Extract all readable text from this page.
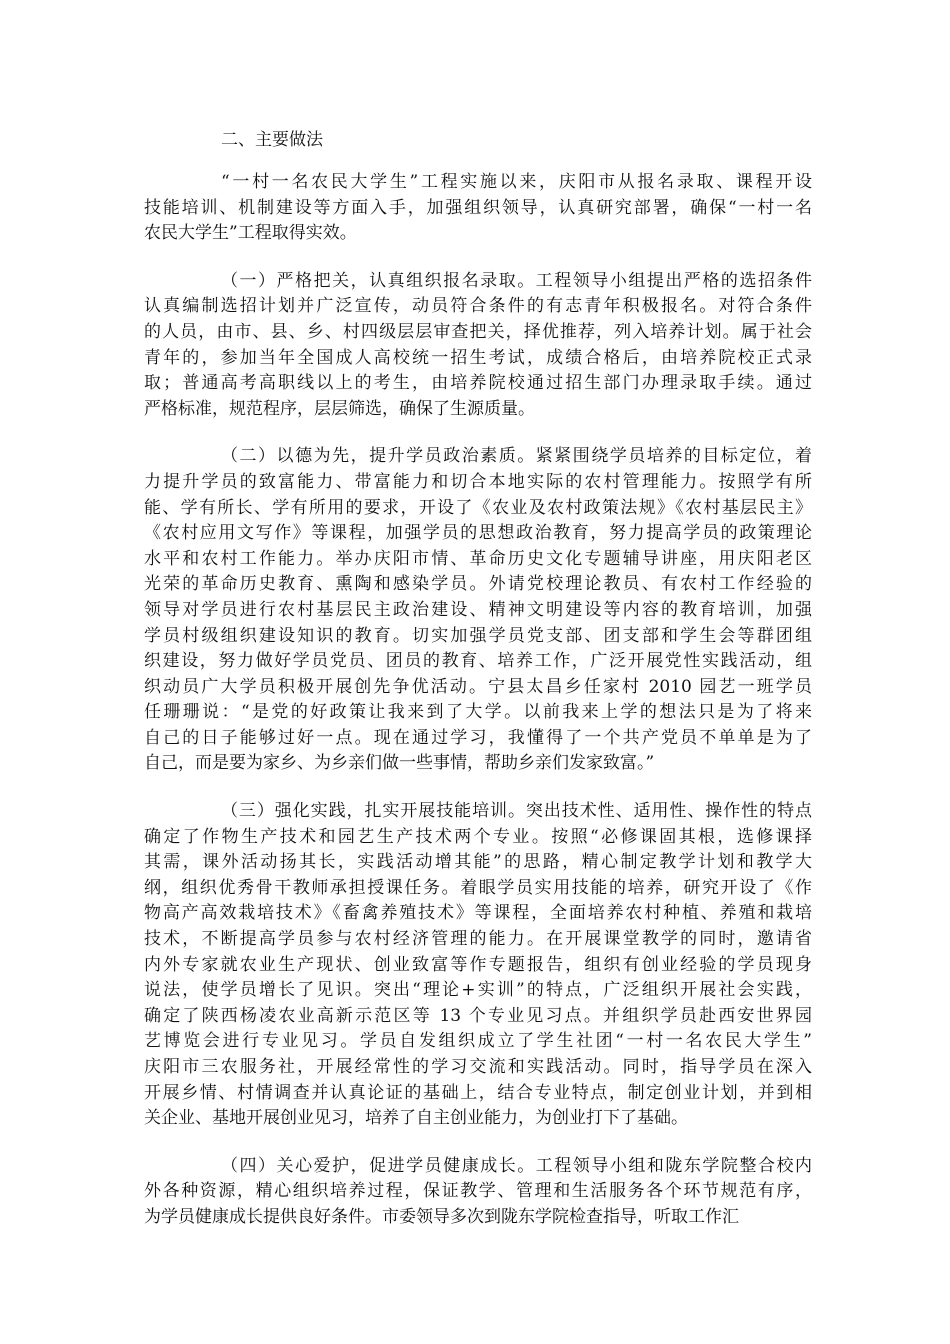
二、主要做法
“一村一名农民大学生”工程实施以来，庆阳市从报名录取、课程开设
技能培训、机制建设等方面入手，加强组织领导，认真研究部署，确保“一村一名
农民大学生”工程取得实效。
（一）严格把关，认真组织报名录取。工程领导小组提出严格的选招条件
认真编制选招计划并广泛宣传，动员符合条件的有志青年积极报名。对符合条件
的人员，由市、县、乡、村四级层层审查把关，择优推荐，列入培养计划。属于社会
青年的，参加当年全国成人高校统一招生考试，成绩合格后，由培养院校正式录
取；普通高考高职线以上的考生，由培养院校通过招生部门办理录取手续。通过
严格标准，规范程序，层层筛选，确保了生源质量。
（二）以德为先，提升学员政治素质。紧紧围绕学员培养的目标定位，着
力提升学员的致富能力、带富能力和切合本地实际的农村管理能力。按照学有所
能、学有所长、学有所用的要求，开设了《农业及农村政策法规》《农村基层民主》
《农村应用文写作》等课程，加强学员的思想政治教育，努力提高学员的政策理论
水平和农村工作能力。举办庆阳市情、革命历史文化专题辅导讲座，用庆阳老区
光荣的革命历史教育、熏陶和感染学员。外请党校理论教员、有农村工作经验的
领导对学员进行农村基层民主政治建设、精神文明建设等内容的教育培训，加强
学员村级组织建设知识的教育。切实加强学员党支部、团支部和学生会等群团组
织建设，努力做好学员党员、团员的教育、培养工作，广泛开展党性实践活动，组
织动员广大学员积极开展创先争优活动。宁县太昌乡任家村 2010 园艺一班学员
任珊珊说：“是党的好政策让我来到了大学。以前我来上学的想法只是为了将来
自己的日子能够过好一点。现在通过学习，我懂得了一个共产党员不单单是为了
自己，而是要为家乡、为乡亲们做一些事情，帮助乡亲们发家致富。”
（三）强化实践，扎实开展技能培训。突出技术性、适用性、操作性的特点
确定了作物生产技术和园艺生产技术两个专业。按照“必修课固其根，选修课择
其需，课外活动扬其长，实践活动增其能”的思路，精心制定教学计划和教学大
纲，组织优秀骨干教师承担授课任务。着眼学员实用技能的培养，研究开设了《作
物高产高效栽培技术》《畜禽养殖技术》等课程，全面培养农村种植、养殖和栽培
技术，不断提高学员参与农村经济管理的能力。在开展课堂教学的同时，邀请省
内外专家就农业生产现状、创业致富等作专题报告，组织有创业经验的学员现身
说法，使学员增长了见识。突出“理论+实训”的特点，广泛组织开展社会实践，
确定了陕西杨凌农业高新示范区等 13 个专业见习点。并组织学员赴西安世界园
艺博览会进行专业见习。学员自发组织成立了学生社团“一村一名农民大学生”
庆阳市三农服务社，开展经常性的学习交流和实践活动。同时，指导学员在深入
开展乡情、村情调查并认真论证的基础上，结合专业特点，制定创业计划，并到相
关企业、基地开展创业见习，培养了自主创业能力，为创业打下了基础。
（四）关心爱护，促进学员健康成长。工程领导小组和陇东学院整合校内
外各种资源，精心组织培养过程，保证教学、管理和生活服务各个环节规范有序，
为学员健康成长提供良好条件。市委领导多次到陇东学院检查指导，听取工作汇
